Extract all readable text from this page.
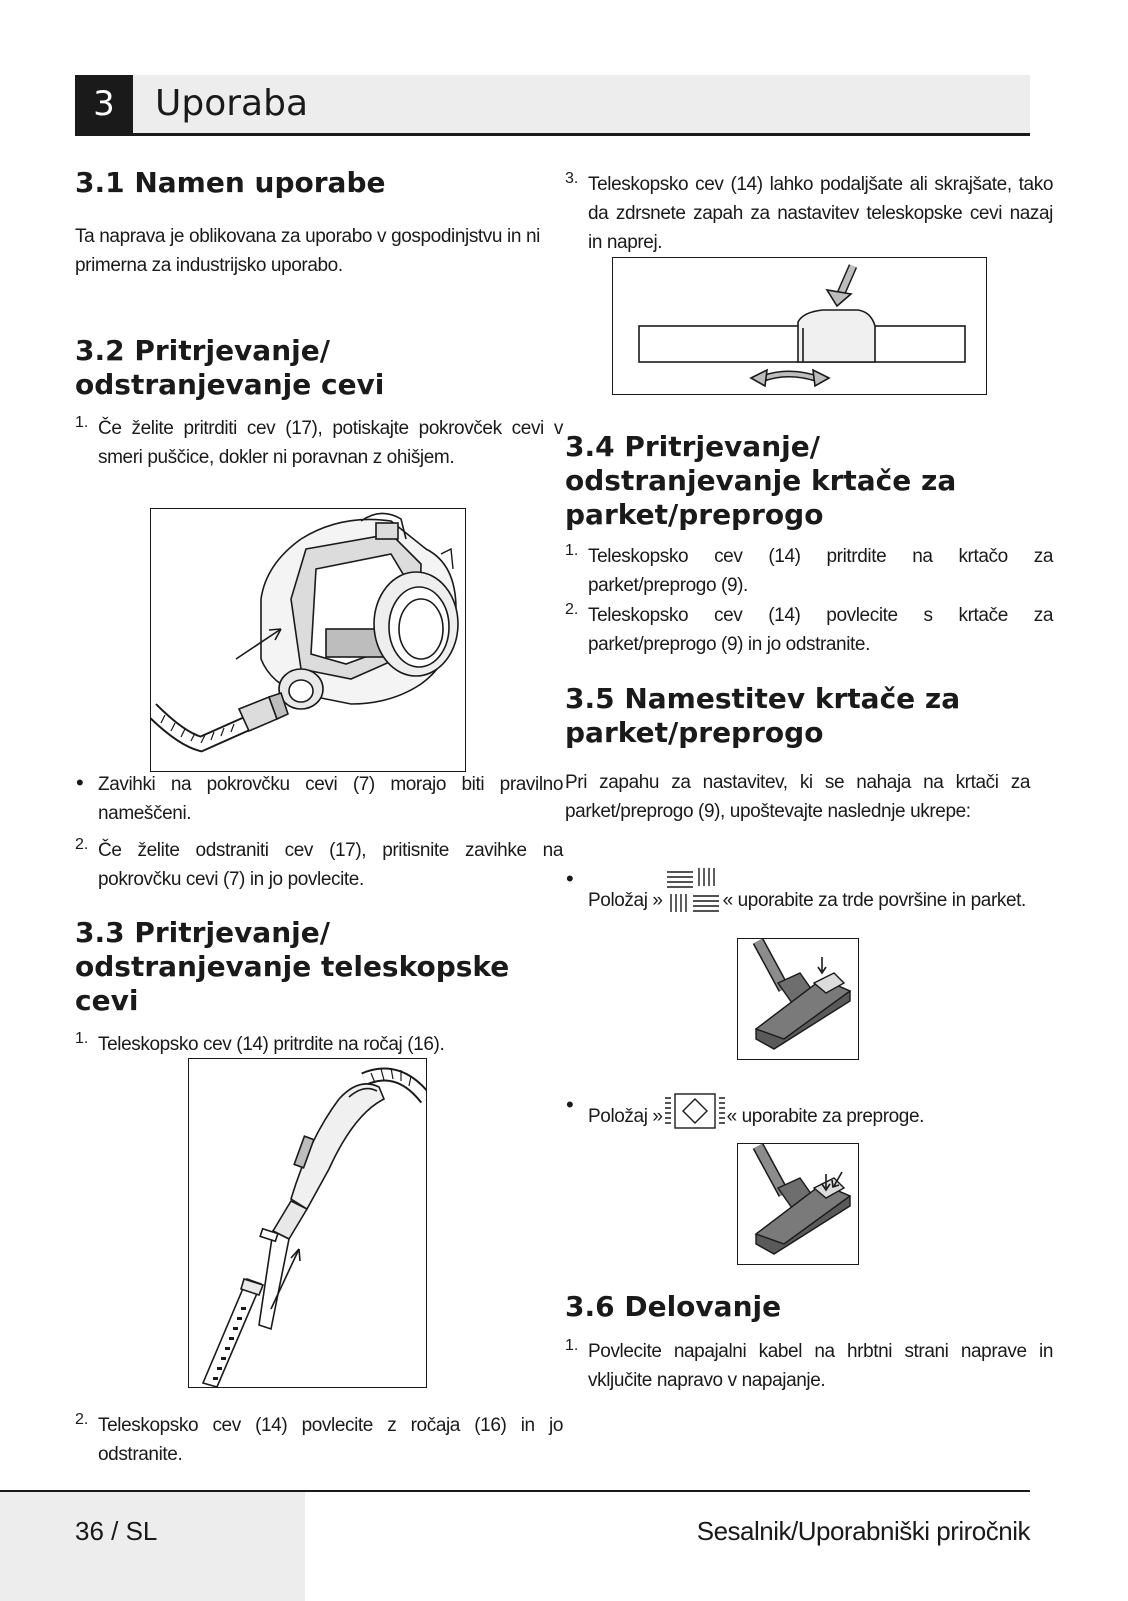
3	Uporaba
3.1 Namen uporabe

Ta naprava je oblikovana za uporabo v gospodinjstvu in ni primerna za industrijsko uporabo.

3.2 Pritrjevanje/
odstranjevanje cevi
1. Če želite pritrditi cev (17), potiskajte pokrovček cevi v smeri puščice, dokler ni poravnan z ohišjem.

• Zavihki na pokrovčku cevi (7) morajo biti pravilno nameščeni.

2. Če želite odstraniti cev (17), pritisnite zavihke na pokrovčku cevi (7) in jo povlecite.

3.3 Pritrjevanje/
odstranjevanje teleskopske
cevi
1. Teleskopsko cev (14) pritrdite na ročaj (16).

2. Teleskopsko cev (14) povlecite z ročaja (16) in jo odstranite.

3. Teleskopsko cev (14) lahko podaljšate ali skrajšate, tako da zdrsnete zapah za nastavitev teleskopske cevi nazaj in naprej.

3.4 Pritrjevanje/
odstranjevanje krtače za
parket/preprogo
1. Teleskopsko cev (14) pritrdite na krtačo za parket/preprogo (9).

2. Teleskopsko cev (14) povlecite s krtače za parket/preprogo (9) in jo odstranite.

3.5 Namestitev krtače za
parket/preprogo

Pri zapahu za nastavitev, ki se nahaja na krtači za parket/preprogo (9), upoštevajte naslednje ukrepe:

•

Položaj »	« uporabite za trde površine in parket.

• Položaj »	« uporabite za preproge.

3.6 Delovanje
1. Povlecite napajalni kabel na hrbtni strani naprave in vključite napravo v napajanje.

36 / SL	Sesalnik/Uporabniški priročnik
